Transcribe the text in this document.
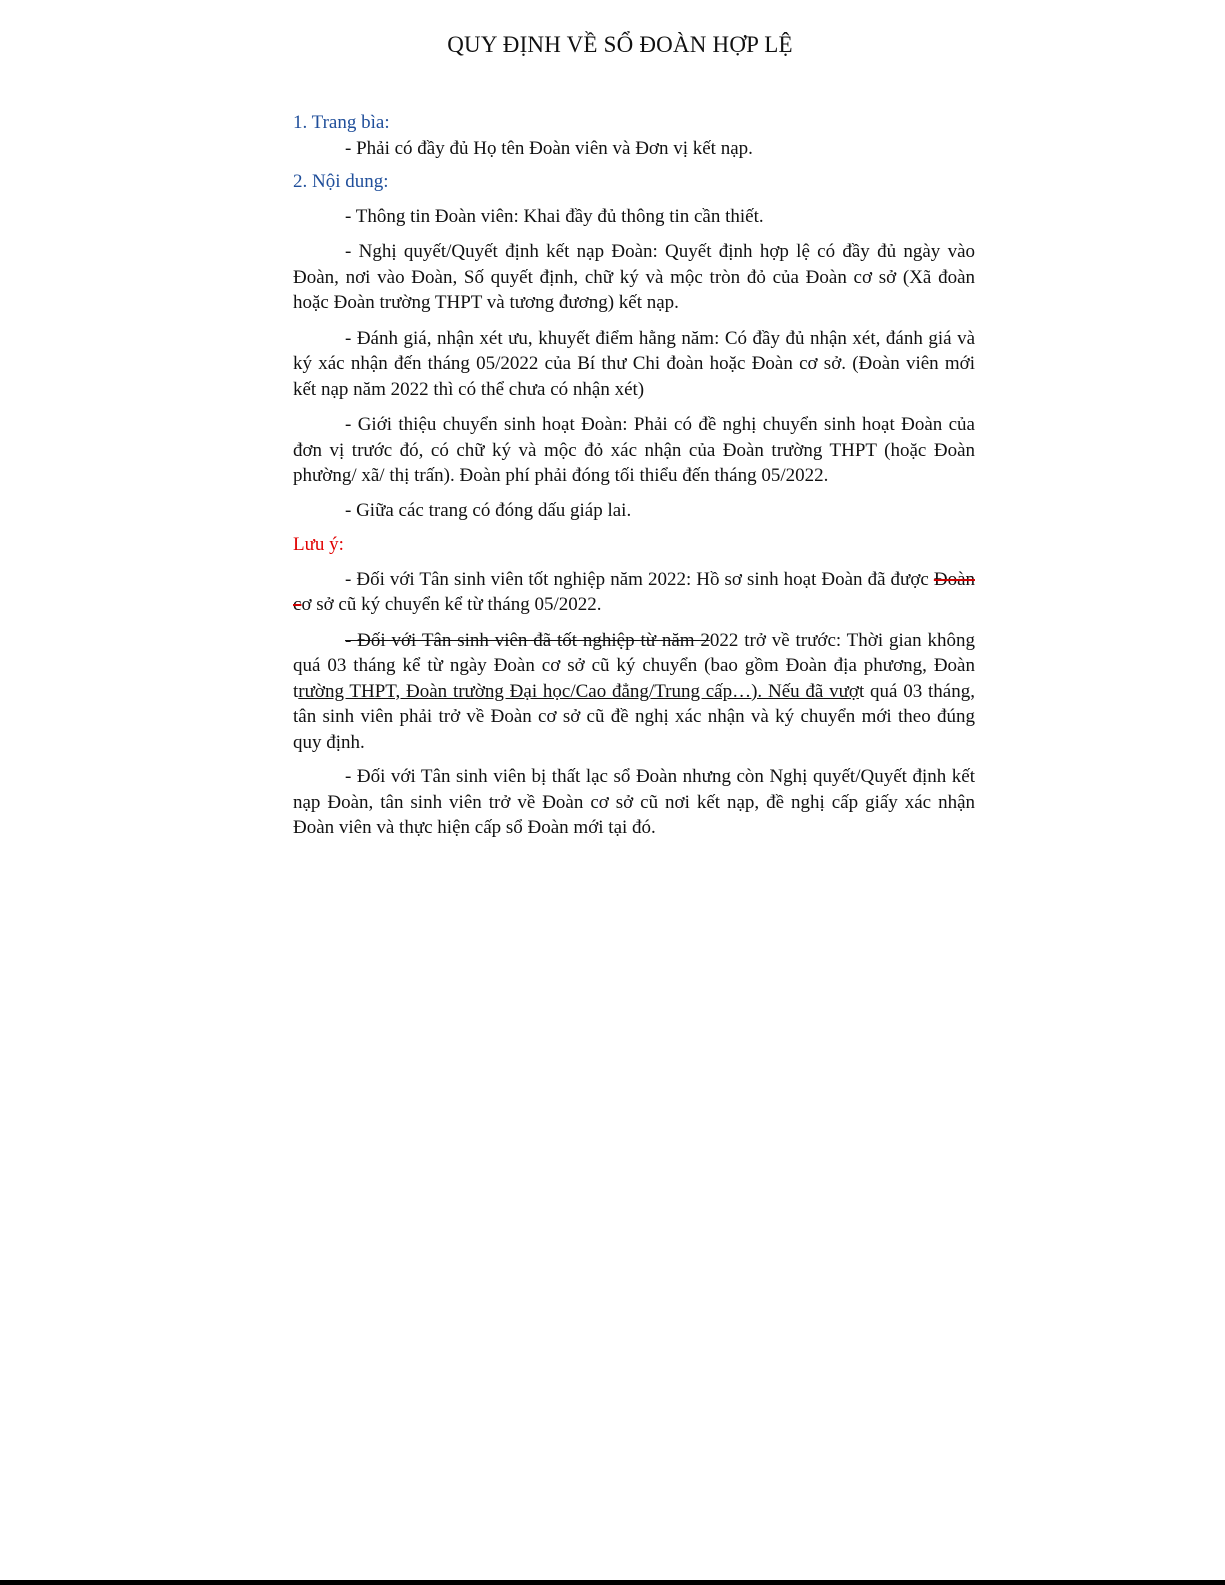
QUY ĐỊNH VỀ SỔ ĐOÀN HỢP LỆ
1. Trang bìa:
- Phải có đầy đủ Họ tên Đoàn viên và Đơn vị kết nạp.
2. Nội dung:
- Thông tin Đoàn viên: Khai đầy đủ thông tin cần thiết.
- Nghị quyết/Quyết định kết nạp Đoàn: Quyết định hợp lệ có đầy đủ ngày vào Đoàn, nơi vào Đoàn, Số quyết định, chữ ký và mộc tròn đỏ của Đoàn cơ sở (Xã đoàn hoặc Đoàn trường THPT và tương đương) kết nạp.
- Đánh giá, nhận xét ưu, khuyết điểm hằng năm: Có đầy đủ nhận xét, đánh giá và ký xác nhận đến tháng 05/2022 của Bí thư Chi đoàn hoặc Đoàn cơ sở. (Đoàn viên mới kết nạp năm 2022 thì có thể chưa có nhận xét)
- Giới thiệu chuyển sinh hoạt Đoàn: Phải có đề nghị chuyển sinh hoạt Đoàn của đơn vị trước đó, có chữ ký và mộc đỏ xác nhận của Đoàn trường THPT (hoặc Đoàn phường/ xã/ thị trấn). Đoàn phí phải đóng tối thiểu đến tháng 05/2022.
- Giữa các trang có đóng dấu giáp lai.
Lưu ý:
- Đối với Tân sinh viên tốt nghiệp năm 2022: Hồ sơ sinh hoạt Đoàn đã được Đoàn cơ sở cũ ký chuyển kể từ tháng 05/2022.
- Đối với Tân sinh viên đã tốt nghiệp từ năm 2022 trở về trước: Thời gian không quá 03 tháng kể từ ngày Đoàn cơ sở cũ ký chuyển (bao gồm Đoàn địa phương, Đoàn trường THPT, Đoàn trường Đại học/Cao đẳng/Trung cấp…). Nếu đã vượt quá 03 tháng, tân sinh viên phải trở về Đoàn cơ sở cũ đề nghị xác nhận và ký chuyển mới theo đúng quy định.
- Đối với Tân sinh viên bị thất lạc sổ Đoàn nhưng còn Nghị quyết/Quyết định kết nạp Đoàn, tân sinh viên trở về Đoàn cơ sở cũ nơi kết nạp, đề nghị cấp giấy xác nhận Đoàn viên và thực hiện cấp sổ Đoàn mới tại đó.
